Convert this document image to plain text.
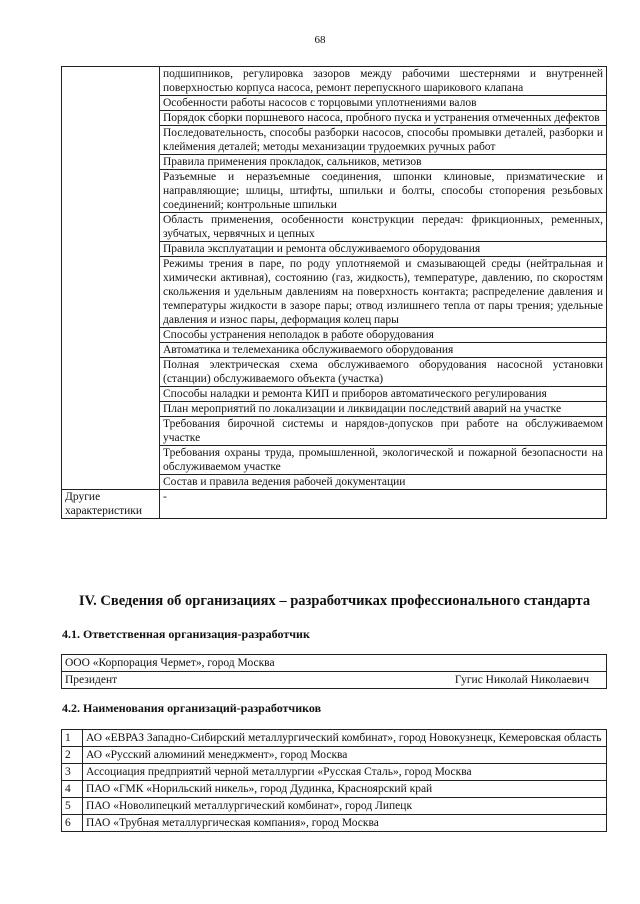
68
	подшипников, регулировка зазоров между рабочими шестернями и внутренней поверхностью корпуса насоса, ремонт перепускного шарикового клапана
	Особенности работы насосов с торцовыми уплотнениями валов
	Порядок сборки поршневого насоса, пробного пуска и устранения отмеченных дефектов
	Последовательность, способы разборки насосов, способы промывки деталей, разборки и клеймения деталей; методы механизации трудоемких ручных работ
	Правила применения прокладок, сальников, метизов
	Разъемные и неразъемные соединения, шпонки клиновые, призматические и направляющие; шлицы, штифты, шпильки и болты, способы стопорения резьбовых соединений; контрольные шпильки
	Область применения, особенности конструкции передач: фрикционных, ременных, зубчатых, червячных и цепных
	Правила эксплуатации и ремонта обслуживаемого оборудования
	Режимы трения в паре, по роду уплотняемой и смазывающей среды (нейтральная и химически активная), состоянию (газ, жидкость), температуре, давлению, по скоростям скольжения и удельным давлениям на поверхность контакта; распределение давления и температуры жидкости в зазоре пары; отвод излишнего тепла от пары трения; удельные давления и износ пары, деформация колец пары
	Способы устранения неполадок в работе оборудования
	Автоматика и телемеханика обслуживаемого оборудования
	Полная электрическая схема обслуживаемого оборудования насосной установки (станции) обслуживаемого объекта (участка)
	Способы наладки и ремонта КИП и приборов автоматического регулирования
	План мероприятий по локализации и ликвидации последствий аварий на участке
	Требования бирочной системы и нарядов-допусков при работе на обслуживаемом участке
	Требования охраны труда, промышленной, экологической и пожарной безопасности на обслуживаемом участке
	Состав и правила ведения рабочей документации
Другие характеристики	-
IV. Сведения об организациях – разработчиках профессионального стандарта
4.1. Ответственная организация-разработчик
ООО «Корпорация Чермет», город Москва

Президент	Гугис Николай Николаевич
4.2. Наименования организаций-разработчиков
1	АО «ЕВРАЗ Западно-Сибирский металлургический комбинат», город Новокузнецк, Кемеровская область
2	АО «Русский алюминий менеджмент», город Москва
3	Ассоциация предприятий черной металлургии «Русская Сталь», город Москва
4	ПАО «ГМК «Норильский никель», город Дудинка, Красноярский край
5	ПАО «Новолипецкий металлургический комбинат», город Липецк
6	ПАО «Трубная металлургическая компания», город Москва
